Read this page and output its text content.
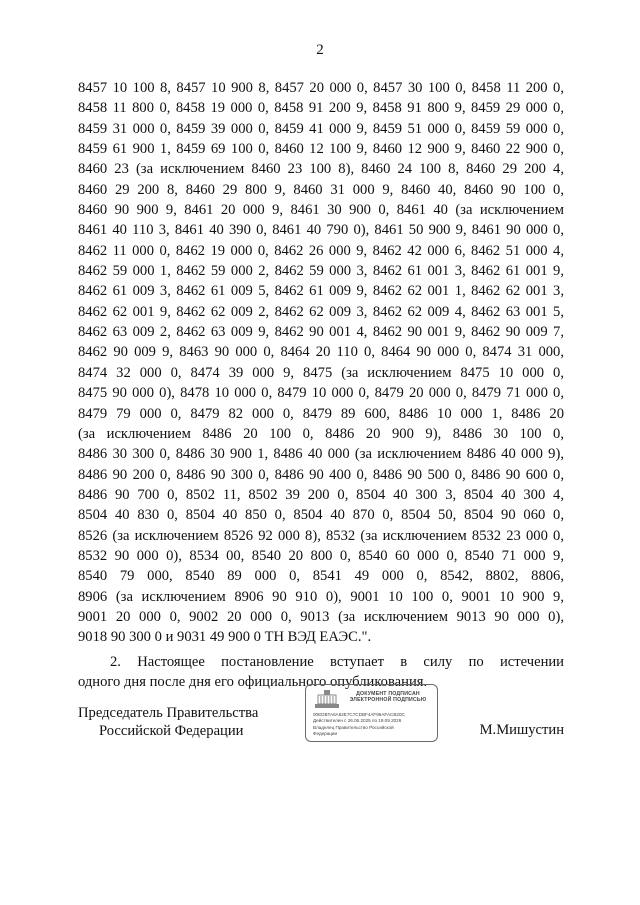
2
8457 10 100 8, 8457 10 900 8, 8457 20 000 0, 8457 30 100 0, 8458 11 200 0,
8458 11 800 0, 8458 19 000 0, 8458 91 200 9, 8458 91 800 9, 8459 29 000 0,
8459 31 000 0, 8459 39 000 0, 8459 41 000 9, 8459 51 000 0, 8459 59 000 0,
8459 61 900 1, 8459 69 100 0, 8460 12 100 9, 8460 12 900 9, 8460 22 900 0,
8460 23 (за исключением 8460 23 100 8), 8460 24 100 8, 8460 29 200 4,
8460 29 200 8, 8460 29 800 9, 8460 31 000 9, 8460 40, 8460 90 100 0,
8460 90 900 9, 8461 20 000 9, 8461 30 900 0, 8461 40 (за исключением
8461 40 110 3, 8461 40 390 0, 8461 40 790 0), 8461 50 900 9, 8461 90 000 0,
8462 11 000 0, 8462 19 000 0, 8462 26 000 9, 8462 42 000 6, 8462 51 000 4,
8462 59 000 1, 8462 59 000 2, 8462 59 000 3, 8462 61 001 3, 8462 61 001 9,
8462 61 009 3, 8462 61 009 5, 8462 61 009 9, 8462 62 001 1, 8462 62 001 3,
8462 62 001 9, 8462 62 009 2, 8462 62 009 3, 8462 62 009 4, 8462 63 001 5,
8462 63 009 2, 8462 63 009 9, 8462 90 001 4, 8462 90 001 9, 8462 90 009 7,
8462 90 009 9, 8463 90 000 0, 8464 20 110 0, 8464 90 000 0, 8474 31 000,
8474 32 000 0, 8474 39 000 9, 8475 (за исключением 8475 10 000 0,
8475 90 000 0), 8478 10 000 0, 8479 10 000 0, 8479 20 000 0, 8479 71 000 0,
8479 79 000 0, 8479 82 000 0, 8479 89 600, 8486 10 000 1, 8486 20
(за исключением 8486 20 100 0, 8486 20 900 9), 8486 30 100 0,
8486 30 300 0, 8486 30 900 1, 8486 40 000 (за исключением 8486 40 000 9),
8486 90 200 0, 8486 90 300 0, 8486 90 400 0, 8486 90 500 0, 8486 90 600 0,
8486 90 700 0, 8502 11, 8502 39 200 0, 8504 40 300 3, 8504 40 300 4,
8504 40 830 0, 8504 40 850 0, 8504 40 870 0, 8504 50, 8504 90 060 0,
8526 (за исключением 8526 92 000 8), 8532 (за исключением 8532 23 000 0,
8532 90 000 0), 8534 00, 8540 20 800 0, 8540 60 000 0, 8540 71 000 9,
8540 79 000, 8540 89 000 0, 8541 49 000 0, 8542, 8802, 8806,
8906 (за исключением 8906 90 910 0), 9001 10 100 0, 9001 10 900 9,
9001 20 000 0, 9002 20 000 0, 9013 (за исключением 9013 90 000 0),
9018 90 300 0 и 9031 49 900 0 ТН ВЭД ЕАЭС.".
2. Настоящее постановление вступает в силу по истечении
одного дня после дня его официального опубликования.
Председатель Правительства
Российской Федерации
ДОКУМЕНТ ПОДПИСАН
ЭЛЕКТРОННОЙ ПОДПИСЬЮ
00EDBTA6A62E7C7CDBF4AF96AFACB20C
Действителен с 26.06.2025 по 19.09.2026
Владелец Правительство Российской
Федерации	М.Мишустин
